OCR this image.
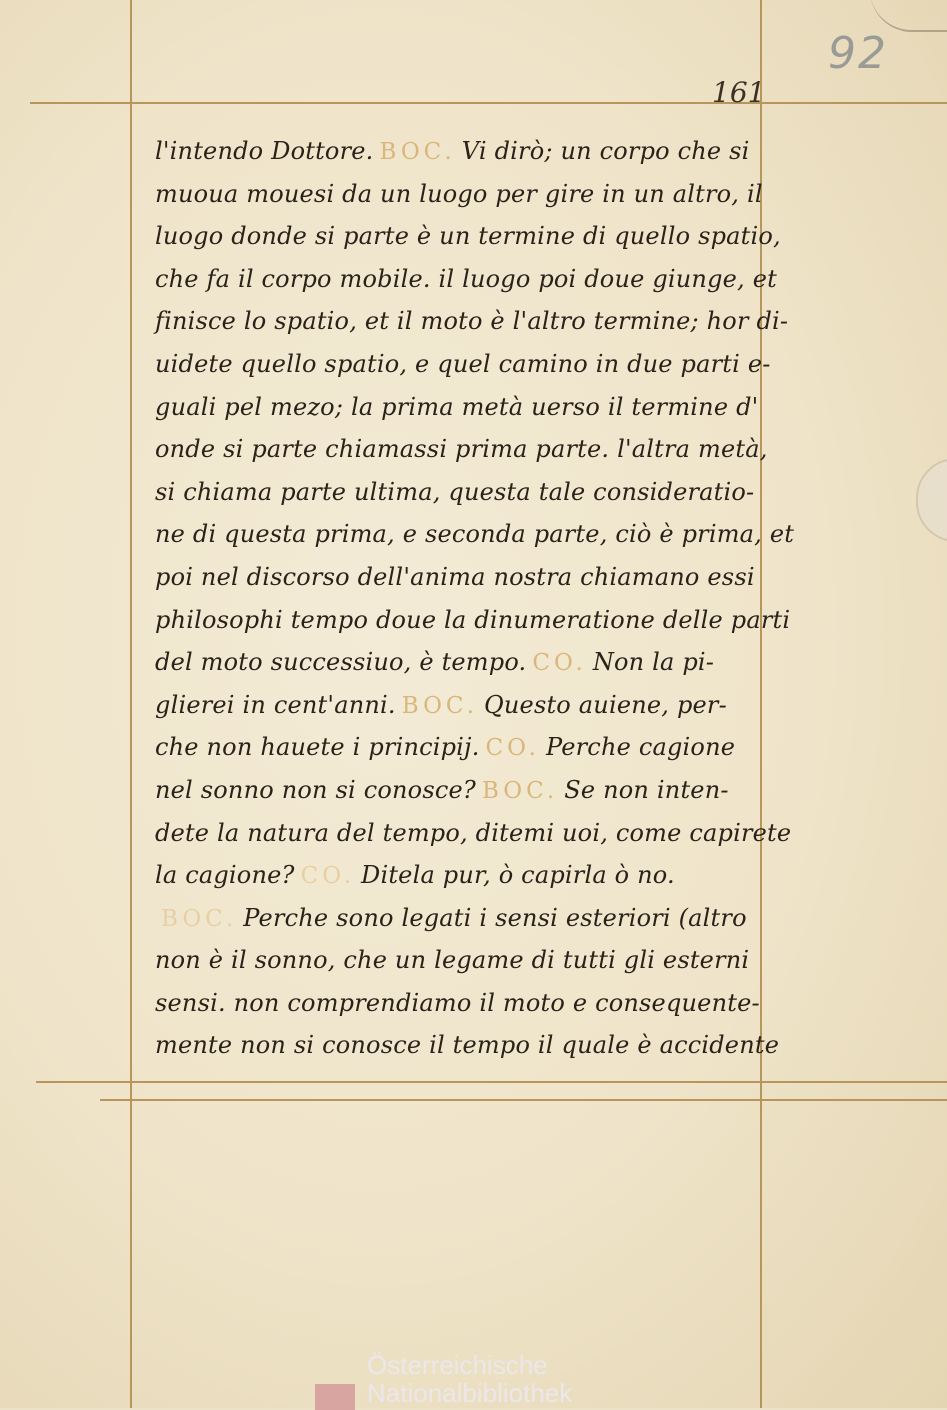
92
161
l'intendo Dottore. BOC. Vi dirò; un corpo che si
muoua mouesi da un luogo per gire in un altro, il
luogo donde si parte è un termine di quello spatio,
che fa il corpo mobile. il luogo poi doue giunge, et
finisce lo spatio, et il moto è l'altro termine; hor di-
uidete quello spatio, e quel camino in due parti e-
guali pel mezo; la prima metà uerso il termine d'
onde si parte chiamassi prima parte. l'altra metà,
si chiama parte ultima, questa tale consideratio-
ne di questa prima, e seconda parte, ciò è prima, et
poi nel discorso dell'anima nostra chiamano essi
philosophi tempo doue la dinumeratione delle parti
del moto successiuo, è tempo. CO. Non la pi-
glierei in cent'anni. BOC. Questo auiene, per-
che non hauete i principij. CO. Perche cagione
nel sonno non si conosce? BOC. Se non inten-
dete la natura del tempo, ditemi uoi, come capirete
la cagione? CO. Ditela pur, ò capirla ò no.
BOC. Perche sono legati i sensi esteriori (altro
non è il sonno, che un legame di tutti gli esterni
sensi. non comprendiamo il moto e consequente-
mente non si conosce il tempo il quale è accidente
Österreichische
Nationalbibliothek
